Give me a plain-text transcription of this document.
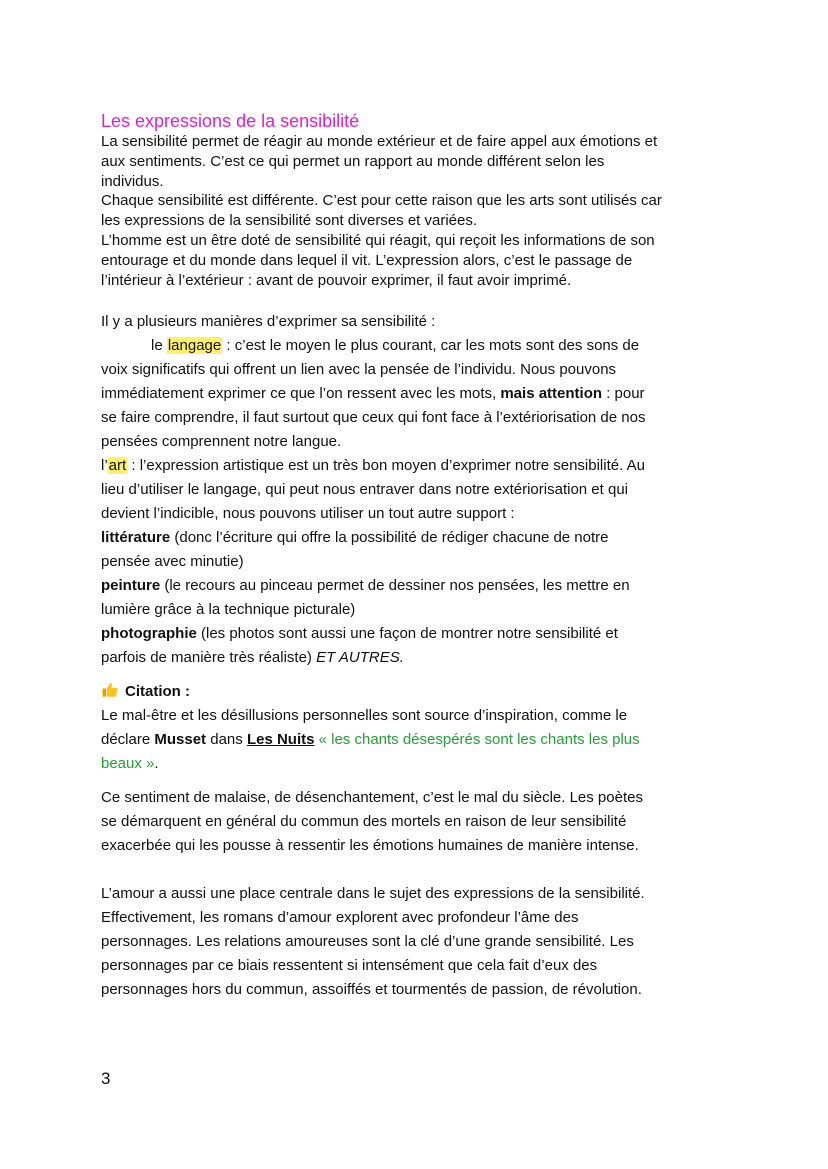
Les expressions de la sensibilité
La sensibilité permet de réagir au monde extérieur et de faire appel aux émotions et
aux sentiments. C’est ce qui permet un rapport au monde différent selon les
individus.
Chaque sensibilité est différente. C’est pour cette raison que les arts sont utilisés car
les expressions de la sensibilité sont diverses et variées.
L’homme est un être doté de sensibilité qui réagit, qui reçoit les informations de son
entourage et du monde dans lequel il vit. L’expression alors, c’est le passage de
l’intérieur à l’extérieur : avant de pouvoir exprimer, il faut avoir imprimé.
Il y a plusieurs manières d’exprimer sa sensibilité :
le langage : c’est le moyen le plus courant, car les mots sont des sons de
voix significatifs qui offrent un lien avec la pensée de l’individu. Nous pouvons
immédiatement exprimer ce que l’on ressent avec les mots, mais attention : pour
se faire comprendre, il faut surtout que ceux qui font face à l’extériorisation de nos
pensées comprennent notre langue.
l’art : l’expression artistique est un très bon moyen d’exprimer notre sensibilité. Au
lieu d’utiliser le langage, qui peut nous entraver dans notre extériorisation et qui
devient l’indicible, nous pouvons utiliser un tout autre support :
littérature (donc l’écriture qui offre la possibilité de rédiger chacune de notre
pensée avec minutie)
peinture (le recours au pinceau permet de dessiner nos pensées, les mettre en
lumière grâce à la technique picturale)
photographie (les photos sont aussi une façon de montrer notre sensibilité et
parfois de manière très réaliste) ET AUTRES.
Citation :
Le mal-être et les désillusions personnelles sont source d’inspiration, comme le
déclare Musset dans Les Nuits « les chants désespérés sont les chants les plus
beaux ».
Ce sentiment de malaise, de désenchantement, c’est le mal du siècle. Les poètes
se démarquent en général du commun des mortels en raison de leur sensibilité
exacerbée qui les pousse à ressentir les émotions humaines de manière intense.
L’amour a aussi une place centrale dans le sujet des expressions de la sensibilité.
Effectivement, les romans d’amour explorent avec profondeur l’âme des
personnages. Les relations amoureuses sont la clé d’une grande sensibilité. Les
personnages par ce biais ressentent si intensément que cela fait d’eux des
personnages hors du commun, assoiffés et tourmentés de passion, de révolution.
3
